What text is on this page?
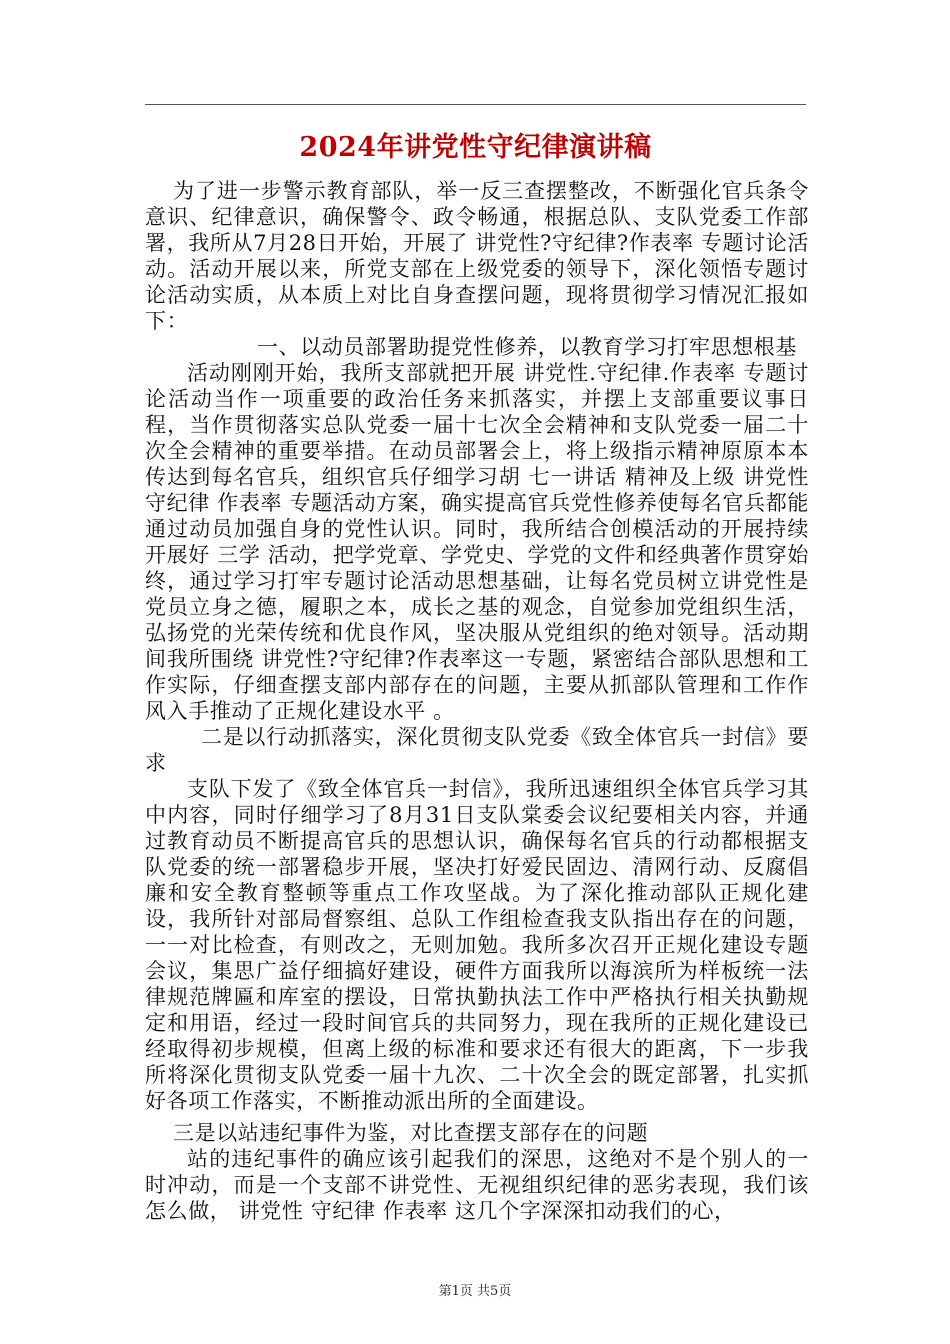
2024年讲党性守纪律演讲稿

为了进一步警示教育部队，举一反三查摆整改，不断强化官兵条令意识、纪律意识，确保警令、政令畅通，根据总队、支队党委工作部署，我所从7月28日开始，开展了 讲党性?守纪律?作表率 专题讨论活动。活动开展以来，所党支部在上级党委的领导下，深化领悟专题讨论活动实质，从本质上对比自身查摆问题，现将贯彻学习情况汇报如下：

一、以动员部署助提党性修养，以教育学习打牢思想根基

活动刚刚开始，我所支部就把开展 讲党性.守纪律.作表率 专题讨论活动当作一项重要的政治任务来抓落实，并摆上支部重要议事日程，当作贯彻落实总队党委一届十七次全会精神和支队党委一届二十次全会精神的重要举措。在动员部署会上，将上级指示精神原原本本传达到每名官兵，组织官兵仔细学习胡 七一讲话 精神及上级 讲党性 守纪律 作表率 专题活动方案，确实提高官兵党性修养使每名官兵都能通过动员加强自身的党性认识。同时，我所结合创模活动的开展持续开展好 三学 活动，把学党章、学党史、学党的文件和经典著作贯穿始终，通过学习打牢专题讨论活动思想基础，让每名党员树立讲党性是党员立身之德，履职之本，成长之基的观念，自觉参加党组织生活，弘扬党的光荣传统和优良作风，坚决服从党组织的绝对领导。活动期间我所围绕 讲党性?守纪律?作表率这一专题，紧密结合部队思想和工作实际，仔细查摆支部内部存在的问题，主要从抓部队管理和工作作风入手推动了正规化建设水平 。

二是以行动抓落实，深化贯彻支队党委《致全体官兵一封信》要求

支队下发了《致全体官兵一封信》，我所迅速组织全体官兵学习其中内容，同时仔细学习了8月31日支队棠委会议纪要相关内容，并通过教育动员不断提高官兵的思想认识，确保每名官兵的行动都根据支队党委的统一部署稳步开展，坚决打好爱民固边、清网行动、反腐倡廉和安全教育整顿等重点工作攻坚战。为了深化推动部队正规化建设，我所针对部局督察组、总队工作组检查我支队指出存在的问题，一一对比检查，有则改之，无则加勉。我所多次召开正规化建设专题会议，集思广益仔细搞好建设，硬件方面我所以海滨所为样板统一法律规范牌匾和库室的摆设，日常执勤执法工作中严格执行相关执勤规定和用语，经过一段时间官兵的共同努力，现在我所的正规化建设已经取得初步规模，但离上级的标准和要求还有很大的距离，下一步我所将深化贯彻支队党委一届十九次、二十次全会的既定部署，扎实抓好各项工作落实，不断推动派出所的全面建设。

三是以站违纪事件为鉴，对比查摆支部存在的问题

站的违纪事件的确应该引起我们的深思，这绝对不是个别人的一时冲动，而是一个支部不讲党性、无视组织纪律的恶劣表现，我们该怎么做， 讲党性 守纪律 作表率 这几个字深深扣动我们的心，

第1页 共5页
